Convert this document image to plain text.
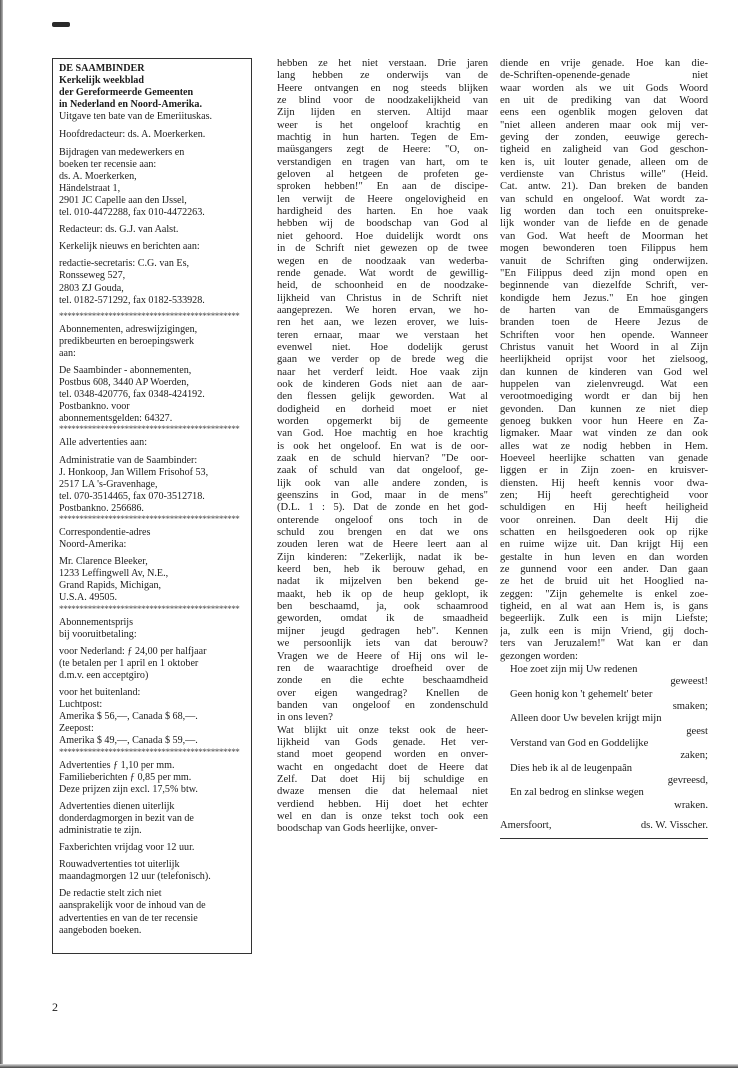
DE SAAMBINDER
Kerkelijk weekblad
der Gereformeerde Gemeenten
in Nederland en Noord-Amerika.
Uitgave ten bate van de Emeriituskas.
Hoofdredacteur: ds. A. Moerkerken.
Bijdragen van medewerkers en
boeken ter recensie aan:
ds. A. Moerkerken,
Händelstraat 1,
2901 JC Capelle aan den IJssel,
tel. 010-4472288, fax 010-4472263.
Redacteur: ds. G.J. van Aalst.
Kerkelijk nieuws en berichten aan:
redactie-secretaris: C.G. van Es,
Ronsseweg 527,
2803 ZJ Gouda,
tel. 0182-571292, fax 0182-533928.
********************************************
Abonnementen, adreswijzigingen,
predikbeurten en beroepingswerk
aan:
De Saambinder - abonnementen,
Postbus 608, 3440 AP Woerden,
tel. 0348-420776, fax 0348-424192.
Postbankno. voor
abonnementsgelden: 64327.
********************************************
Alle advertenties aan:
Administratie van de Saambinder:
J. Honkoop, Jan Willem Frisohof 53,
2517 LA 's-Gravenhage,
tel. 070-3514465, fax 070-3512718.
Postbankno. 256686.
********************************************
Correspondentie-adres
Noord-Amerika:
Mr. Clarence Bleeker,
1233 Leffingwell Av, N.E.,
Grand Rapids, Michigan,
U.S.A. 49505.
********************************************
Abonnementsprijs
bij vooruitbetaling:
voor Nederland: ƒ 24,00 per halfjaar
(te betalen per 1 april en 1 oktober
d.m.v. een acceptgiro)
voor het buitenland:
Luchtpost:
Amerika $ 56,—, Canada $ 68,—.
Zeepost:
Amerika $ 49,—, Canada $ 59,—.
********************************************
Advertenties ƒ 1,10 per mm.
Familieberichten ƒ 0,85 per mm.
Deze prijzen zijn excl. 17,5% btw.
Advertenties dienen uiterlijk
donderdagmorgen in bezit van de
administratie te zijn.
Faxberichten vrijdag voor 12 uur.
Rouwadvertenties tot uiterlijk
maandagmorgen 12 uur (telefonisch).
De redactie stelt zich niet
aansprakelijk voor de inhoud van de
advertenties en van de ter recensie
aangeboden boeken.
hebben ze het niet verstaan. Drie jaren
lang hebben ze onderwijs van de
Heere ontvangen en nog steeds blijken
ze blind voor de noodzakelijkheid van
Zijn lijden en sterven. Altijd maar
weer is het ongeloof krachtig en
machtig in hun harten. Tegen de Em-
maüsgangers zegt de Heere: "O, on-
verstandigen en tragen van hart, om te
geloven al hetgeen de profeten ge-
sproken hebben!" En aan de discipe-
len verwijt de Heere ongelovigheid en
hardigheid des harten. En hoe vaak
hebben wij de boodschap van God al
niet gehoord. Hoe duidelijk wordt ons
in de Schrift niet gewezen op de twee
wegen en de noodzaak van wederba-
rende genade. Wat wordt de gewillig-
heid, de schoonheid en de noodzake-
lijkheid van Christus in de Schrift niet
aangeprezen. We horen ervan, we ho-
ren het aan, we lezen erover, we luis-
teren ernaar, maar we verstaan het
evenwel niet. Hoe dodelijk gerust
gaan we verder op de brede weg die
naar het verderf leidt. Hoe vaak zijn
ook de kinderen Gods niet aan de aar-
den flessen gelijk geworden. Wat al
dodigheid en dorheid moet er niet
worden opgemerkt bij de gemeente
van God. Hoe machtig en hoe krachtig
is ook het ongeloof. En wat is de oor-
zaak en de schuld hiervan? "De oor-
zaak of schuld van dat ongeloof, ge-
lijk ook van alle andere zonden, is
geenszins in God, maar in de mens"
(D.L. 1 : 5). Dat de zonde en het god-
onterende ongeloof ons toch in de
schuld zou brengen en dat we ons
zouden leren wat de Heere leert aan al
Zijn kinderen: "Zekerlijk, nadat ik be-
keerd ben, heb ik berouw gehad, en
nadat ik mijzelven ben bekend ge-
maakt, heb ik op de heup geklopt, ik
ben beschaamd, ja, ook schaamrood
geworden, omdat ik de smaadheid
mijner jeugd gedragen heb". Kennen
we persoonlijk iets van dat berouw?
Vragen we de Heere of Hij ons wil le-
ren de waarachtige droefheid over de
zonde en die echte beschaamdheid
over eigen wangedrag? Knellen de
banden van ongeloof en zondenschuld
in ons leven?
Wat blijkt uit onze tekst ook de heer-
lijkheid van Gods genade. Het ver-
stand moet geopend worden en onver-
wacht en ongedacht doet de Heere dat
Zelf. Dat doet Hij bij schuldige en
dwaze mensen die dat helemaal niet
verdiend hebben. Hij doet het echter
wel en dan is onze tekst toch ook een
boodschap van Gods heerlijke, onver-
diende en vrije genade. Hoe kan die-
de-Schriften-openende-genade niet
waar worden als we uit Gods Woord
en uit de prediking van dat Woord
eens een ogenblik mogen geloven dat
"niet alleen anderen maar ook mij ver-
geving der zonden, eeuwige gerech-
tigheid en zaligheid van God geschon-
ken is, uit louter genade, alleen om de
verdienste van Christus wille" (Heid.
Cat. antw. 21). Dan breken de banden
van schuld en ongeloof. Wat wordt za-
lig worden dan toch een onuitspreke-
lijk wonder van de liefde en de genade
van God. Wat heeft de Moorman het
mogen bewonderen toen Filippus hem
vanuit de Schriften ging onderwijzen.
"En Filippus deed zijn mond open en
beginnende van diezelfde Schrift, ver-
kondigde hem Jezus." En hoe gingen
de harten van de Emmaüsgangers
branden toen de Heere Jezus de
Schriften voor hen opende. Wanneer
Christus vanuit het Woord in al Zijn
heerlijkheid oprijst voor het zielsoog,
dan kunnen de kinderen van God wel
huppelen van zielenvreugd. Wat een
verootmoediging wordt er dan bij hen
gevonden. Dan kunnen ze niet diep
genoeg bukken voor hun Heere en Za-
ligmaker. Maar wat vinden ze dan ook
alles wat ze nodig hebben in Hem.
Hoeveel heerlijke schatten van genade
liggen er in Zijn zoen- en kruisver-
diensten. Hij heeft kennis voor dwa-
zen; Hij heeft gerechtigheid voor
schuldigen en Hij heeft heiligheid
voor onreinen. Dan deelt Hij die
schatten en heilsgoederen ook op rijke
en ruime wijze uit. Dan krijgt Hij een
gestalte in hun leven en dan worden
ze gunnend voor een ander. Dan gaan
ze het de bruid uit het Hooglied na-
zeggen: "Zijn gehemelte is enkel zoe-
tigheid, en al wat aan Hem is, is gans
begeerlijk. Zulk een is mijn Liefste;
ja, zulk een is mijn Vriend, gij doch-
ters van Jeruzalem!" Wat kan er dan
gezongen worden:
Hoe zoet zijn mij Uw redenen
geweest!
Geen honig kon 't gehemelt' beter
smaken;
Alleen door Uw bevelen krijgt mijn
geest
Verstand van God en Goddelijke
zaken;
Dies heb ik al de leugenpaân
gevreesd,
En zal bedrog en slinkse wegen
wraken.
Amersfoort,	ds. W. Visscher.
2
